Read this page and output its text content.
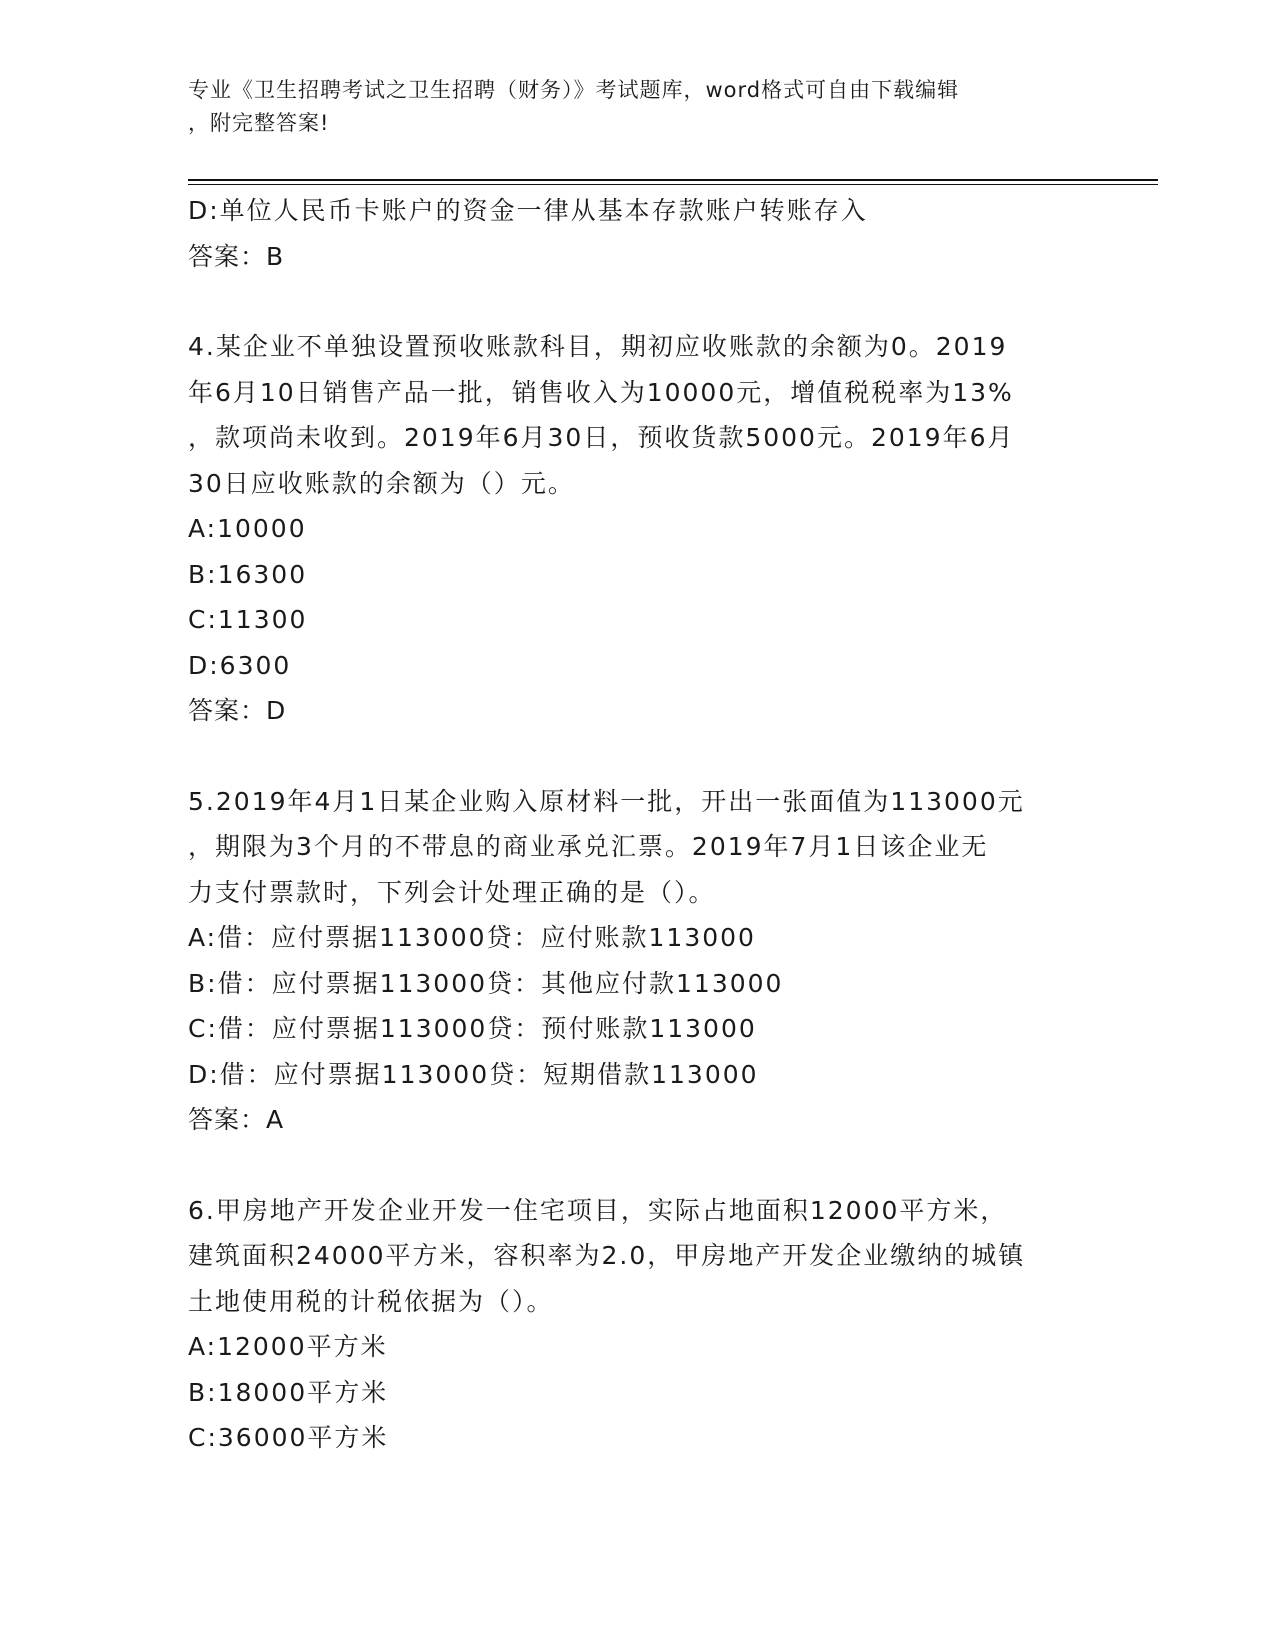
专业《卫生招聘考试之卫生招聘（财务）》考试题库，word格式可自由下载编辑
，附完整答案!
D:单位人民币卡账户的资金一律从基本存款账户转账存入
答案：B
4.某企业不单独设置预收账款科目，期初应收账款的余额为0。2019
年6月10日销售产品一批，销售收入为10000元，增值税税率为13%
，款项尚未收到。2019年6月30日，预收货款5000元。2019年6月
30日应收账款的余额为（）元。
A:10000
B:16300
C:11300
D:6300
答案：D
5.2019年4月1日某企业购入原材料一批，开出一张面值为113000元
，期限为3个月的不带息的商业承兑汇票。2019年7月1日该企业无
力支付票款时，下列会计处理正确的是（）。
A:借：应付票据113000贷：应付账款113000
B:借：应付票据113000贷：其他应付款113000
C:借：应付票据113000贷：预付账款113000
D:借：应付票据113000贷：短期借款113000
答案：A
6.甲房地产开发企业开发一住宅项目，实际占地面积12000平方米，
建筑面积24000平方米，容积率为2.0，甲房地产开发企业缴纳的城镇
土地使用税的计税依据为（）。
A:12000平方米
B:18000平方米
C:36000平方米
